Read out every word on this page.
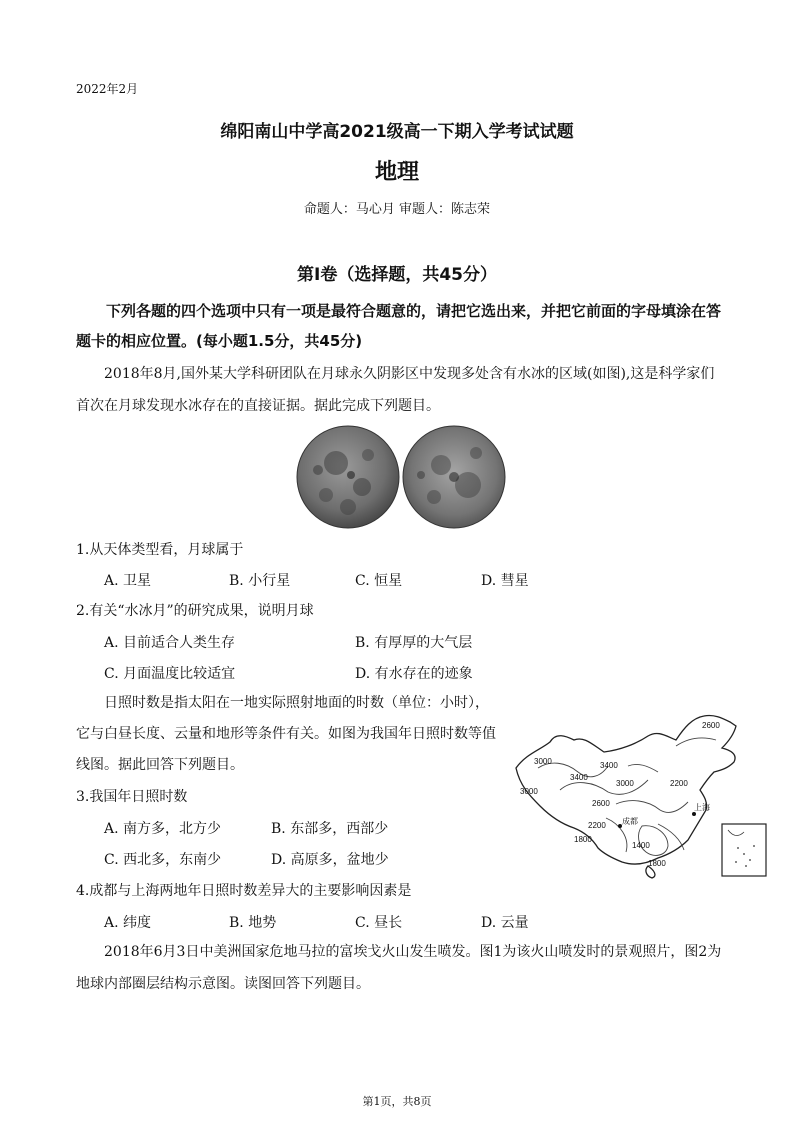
2022年2月
绵阳南山中学高2021级高一下期入学考试试题
地理
命题人：马心月 审题人：陈志荣
第Ⅰ卷（选择题，共45分）
下列各题的四个选项中只有一项是最符合题意的，请把它选出来，并把它前面的字母填涂在答题卡的相应位置。(每小题1.5分，共45分)
2018年8月,国外某大学科研团队在月球永久阴影区中发现多处含有水冰的区域(如图),这是科学家们首次在月球发现水冰存在的直接证据。据此完成下列题目。
1.从天体类型看，月球属于
A. 卫星	B. 小行星	C. 恒星	D. 彗星
2.有关“水冰月”的研究成果，说明月球
A. 目前适合人类生存	B. 有厚厚的大气层
C. 月面温度比较适宜	D. 有水存在的迹象
日照时数是指太阳在一地实际照射地面的时数（单位：小时），它与白昼长度、云量和地形等条件有关。如图为我国年日照时数等值线图。据此回答下列题目。
2600
3400
3000
3400
3000
3000
2600
2200
2200
1400
1800
1800
成都
上海
3.我国年日照时数
A. 南方多，北方少	B. 东部多，西部少
C. 西北多，东南少	D. 高原多，盆地少
4.成都与上海两地年日照时数差异大的主要影响因素是
A. 纬度	B. 地势	C. 昼长	D. 云量
2018年6月3日中美洲国家危地马拉的富埃戈火山发生喷发。图1为该火山喷发时的景观照片，图2为地球内部圈层结构示意图。读图回答下列题目。
第1页，共8页
